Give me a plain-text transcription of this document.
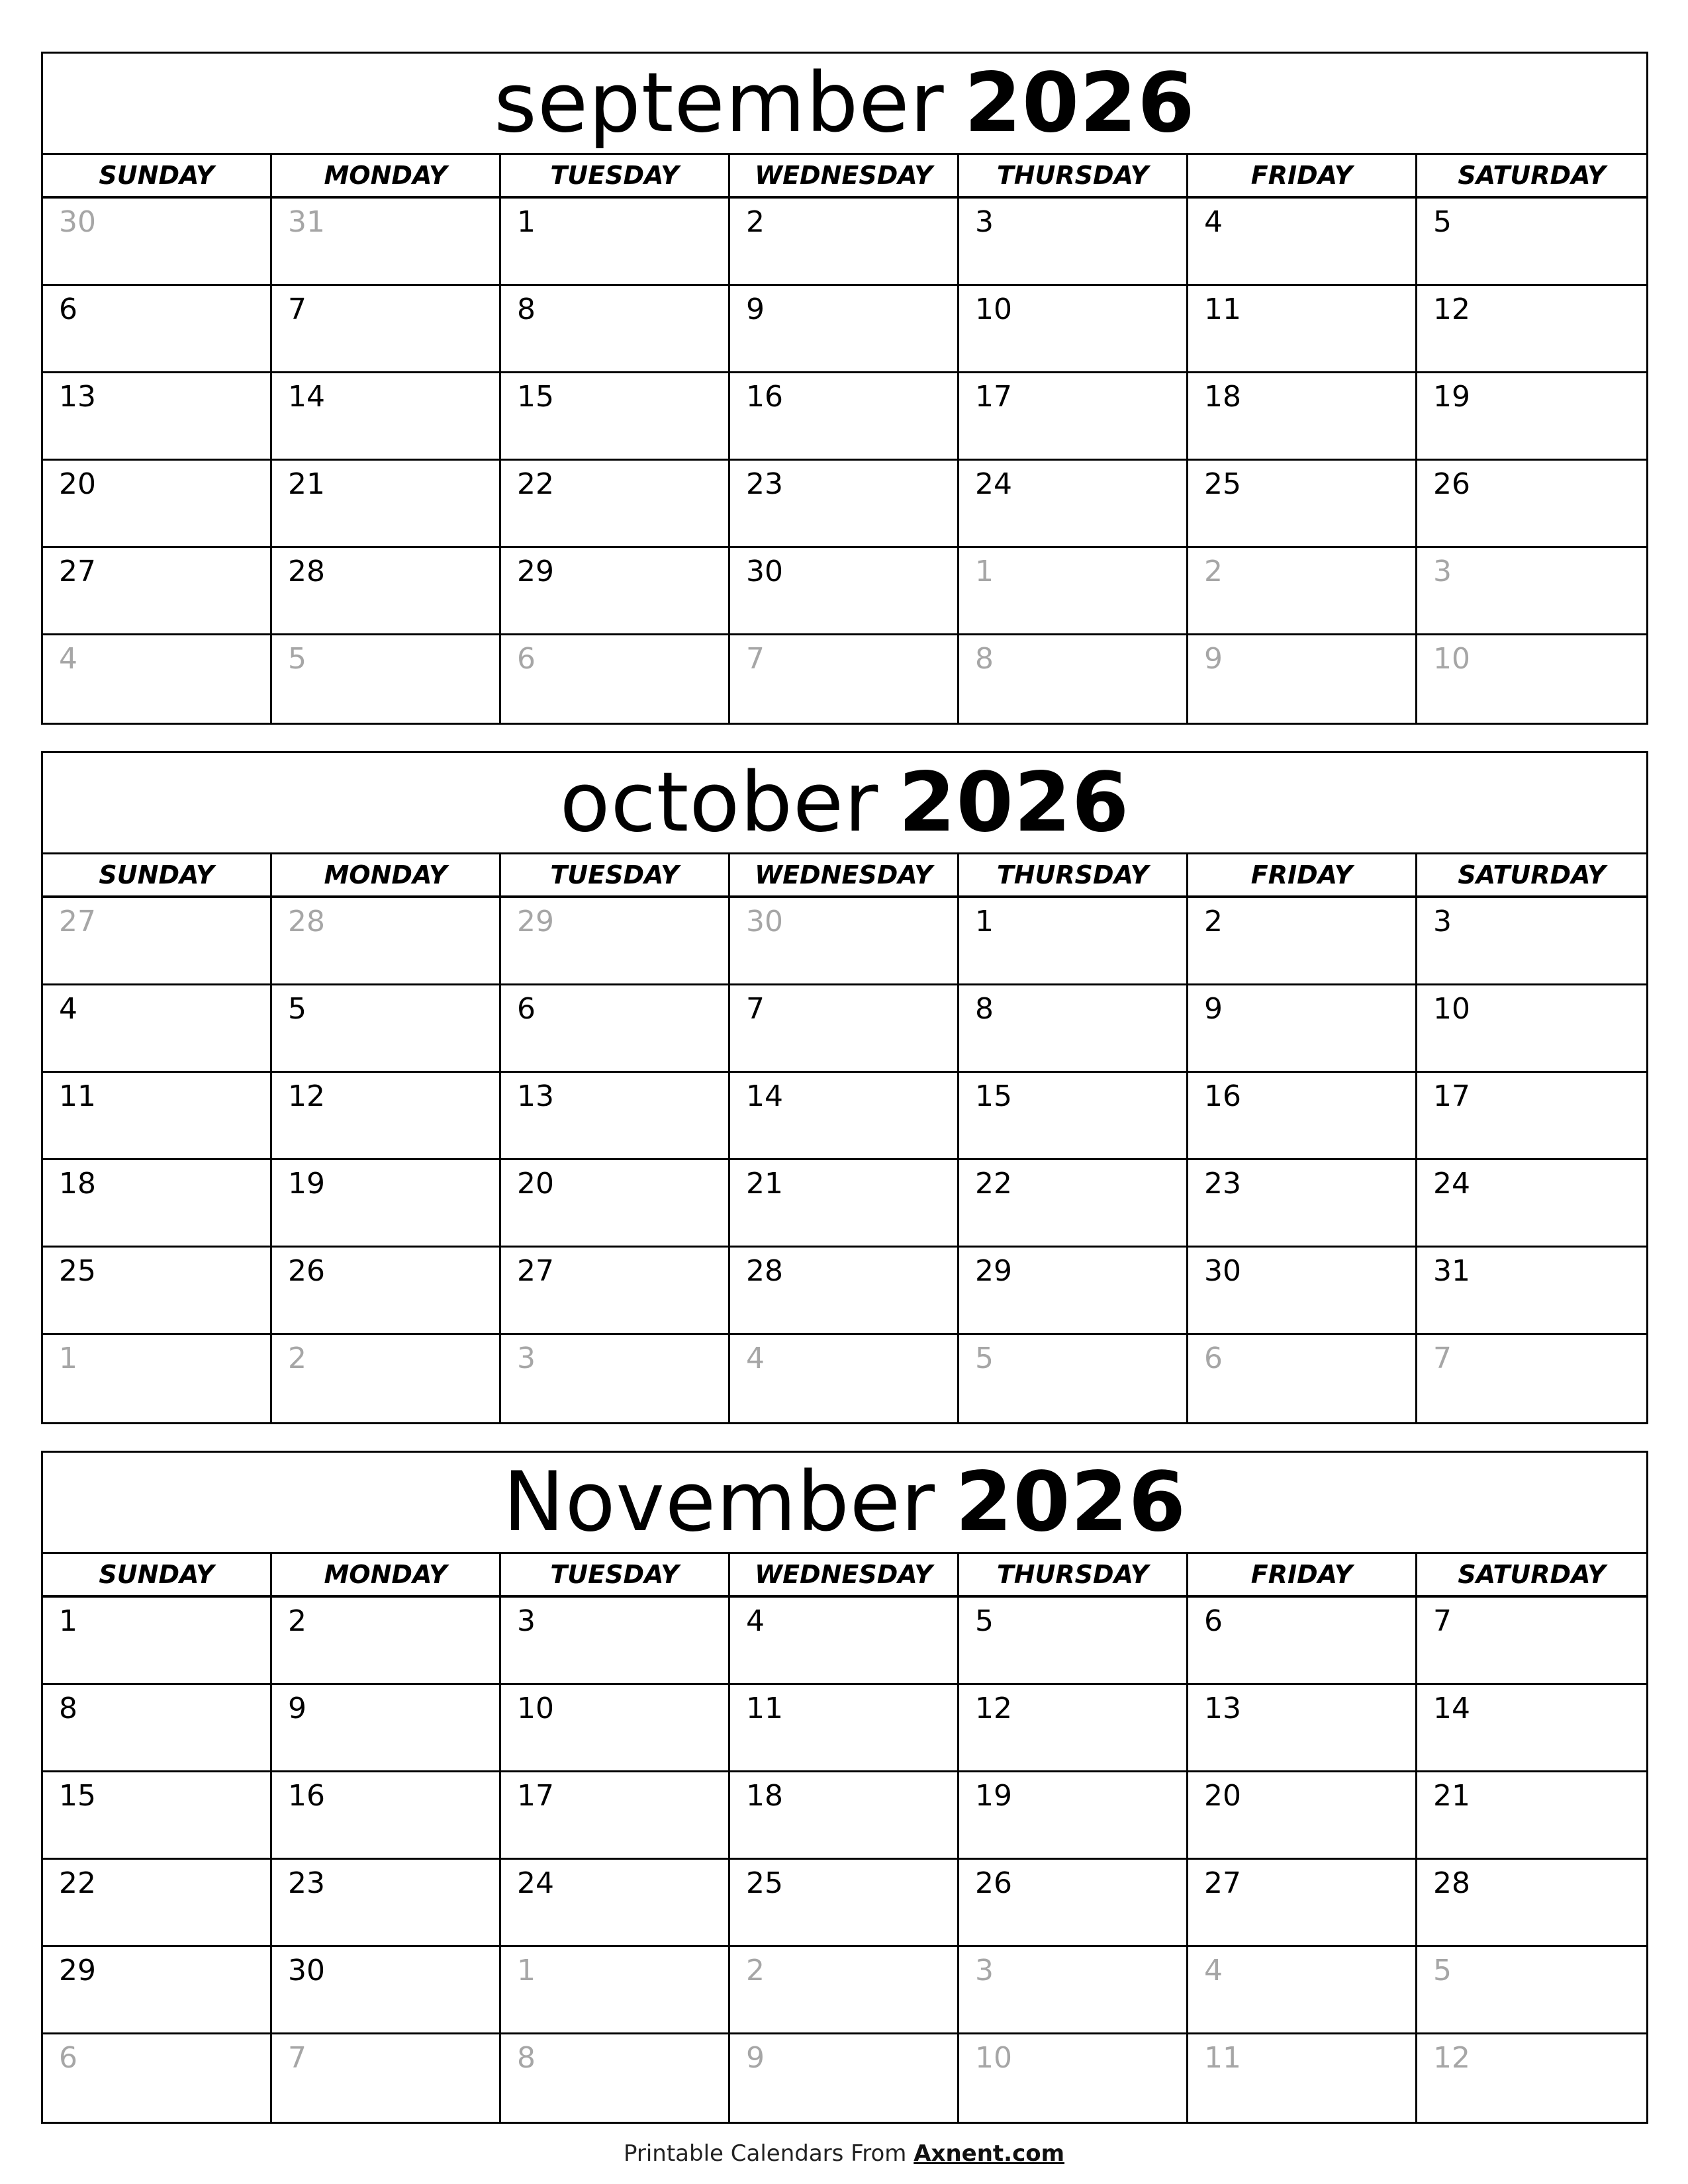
september 2026
SUNDAY	MONDAY	TUESDAY	WEDNESDAY	THURSDAY	FRIDAY	SATURDAY
30	31	1	2	3	4	5
6	7	8	9	10	11	12
13	14	15	16	17	18	19
20	21	22	23	24	25	26
27	28	29	30	1	2	3
4	5	6	7	8	9	10
october 2026
SUNDAY	MONDAY	TUESDAY	WEDNESDAY	THURSDAY	FRIDAY	SATURDAY
27	28	29	30	1	2	3
4	5	6	7	8	9	10
11	12	13	14	15	16	17
18	19	20	21	22	23	24
25	26	27	28	29	30	31
1	2	3	4	5	6	7
November 2026
SUNDAY	MONDAY	TUESDAY	WEDNESDAY	THURSDAY	FRIDAY	SATURDAY
1	2	3	4	5	6	7
8	9	10	11	12	13	14
15	16	17	18	19	20	21
22	23	24	25	26	27	28
29	30	1	2	3	4	5
6	7	8	9	10	11	12
Printable Calendars From Axnent.com
